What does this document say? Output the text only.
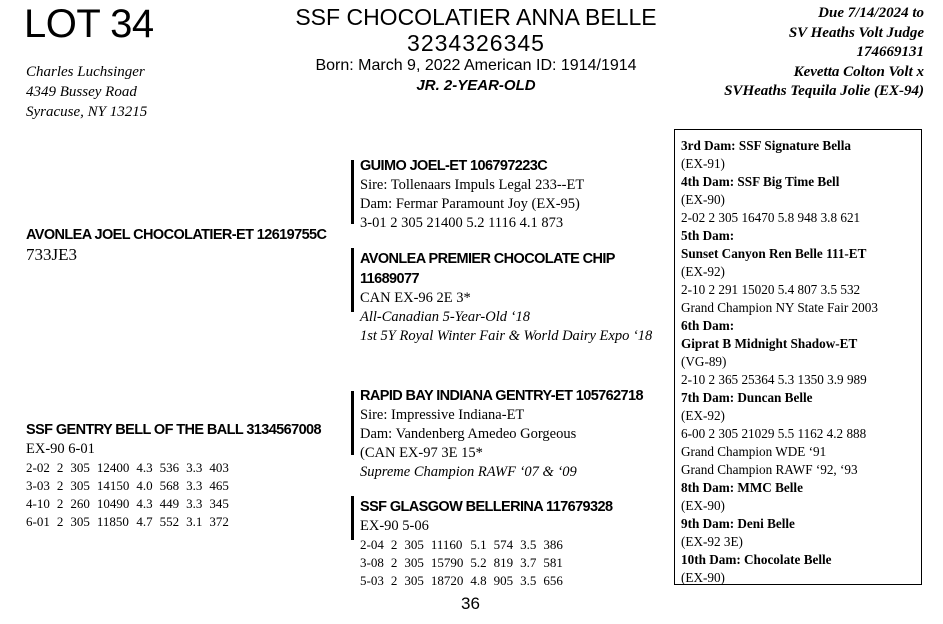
LOT 34
Charles Luchsinger
4349 Bussey Road
Syracuse, NY 13215
SSF CHOCOLATIER ANNA BELLE
3234326345
Born: March 9, 2022 American ID: 1914/1914
JR. 2-YEAR-OLD
Due 7/14/2024 to
SV Heaths Volt Judge
174669131
Kevetta Colton Volt x
SVHeaths Tequila Jolie (EX-94)
AVONLEA JOEL CHOCOLATIER-ET 12619755C
733JE3
SSF GENTRY BELL OF THE BALL 3134567008
EX-90 6-01
2-02	2	305	12400	4.3	536	3.3	403
3-03	2	305	14150	4.0	568	3.3	465
4-10	2	260	10490	4.3	449	3.3	345
6-01	2	305	11850	4.7	552	3.1	372
GUIMO JOEL-ET 106797223C
Sire: Tollenaars Impuls Legal 233--ET
Dam: Fermar Paramount Joy (EX-95)
3-01 2 305 21400 5.2 1116 4.1 873
AVONLEA PREMIER CHOCOLATE CHIP
11689077
CAN EX-96 2E 3*
All-Canadian 5-Year-Old ‘18
1st 5Y Royal Winter Fair & World Dairy Expo ‘18
RAPID BAY INDIANA GENTRY-ET 105762718
Sire: Impressive Indiana-ET
Dam: Vandenberg Amedeo Gorgeous
(CAN EX-97 3E 15*
Supreme Champion RAWF ‘07 & ‘09
SSF GLASGOW BELLERINA 117679328
EX-90 5-06
2-04	2	305	11160	5.1	574	3.5	386
3-08	2	305	15790	5.2	819	3.7	581
5-03	2	305	18720	4.8	905	3.5	656
3rd Dam: SSF Signature Bella
(EX-91)
4th Dam: SSF Big Time Bell
(EX-90)
2-02 2 305 16470 5.8 948 3.8 621
5th Dam:
Sunset Canyon Ren Belle 111-ET
(EX-92)
2-10 2 291 15020 5.4 807 3.5 532
Grand Champion NY State Fair 2003
6th Dam:
Giprat B Midnight Shadow-ET
(VG-89)
2-10 2 365 25364 5.3 1350 3.9 989
7th Dam: Duncan Belle
(EX-92)
6-00 2 305 21029 5.5 1162 4.2 888
Grand Champion WDE ‘91
Grand Champion RAWF ‘92, ‘93
8th Dam: MMC Belle
(EX-90)
9th Dam: Deni Belle
(EX-92 3E)
10th Dam: Chocolate Belle
(EX-90)
36
